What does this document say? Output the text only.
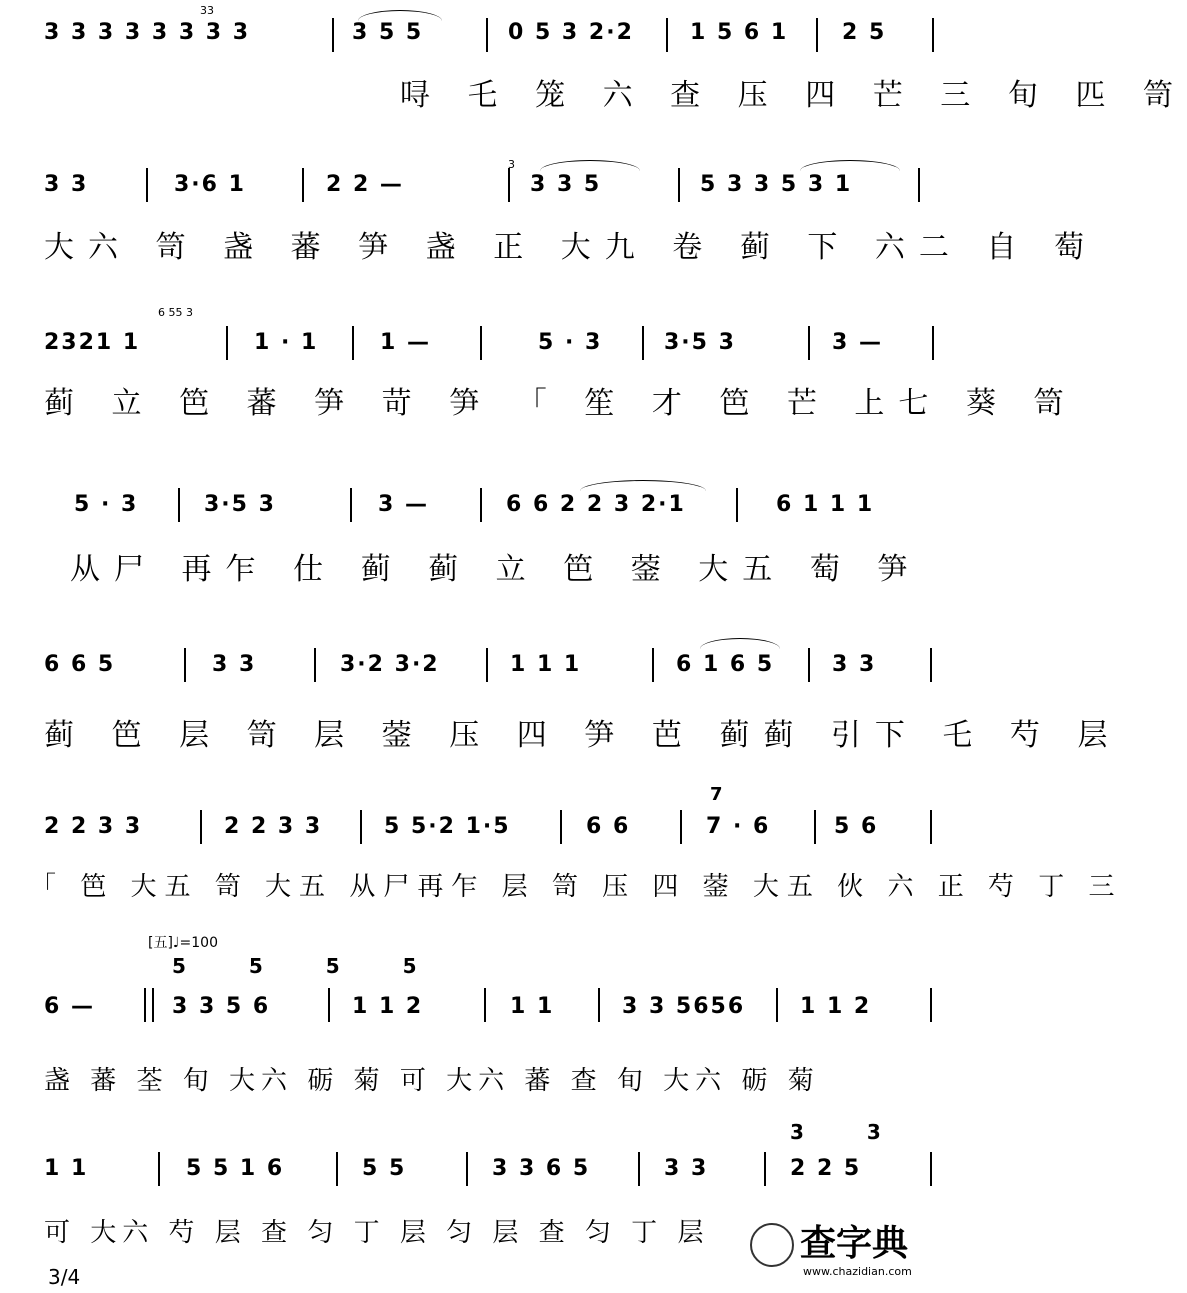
3 3 3 3 3 3 3 3
33
3 5 5	0 5 3 2·2	1 5 6 1 2 5
㖊 乇 笼 六 查 压 四 芒 三 旬 匹 笥
3 3	3·6 1	2 2 —
3
3 3 5	5 3 3 5 3 1
大六 笥 盏 蕃 笋 盏 正 大九 卷 蓟 下 六二 自 萄
2321 1
6 55 3
1 · 1	1 —	5 · 3	3·5 3	3 —
蓟 立 笆 蕃 笋 苛 笋 「 笙 才 笆 芒 上七 葵 笥
5 · 3	3·5 3	3 —	6 6 2 2 3 2·1	6 1 1 1
从尸 再乍 仕 蓟 蓟 立 笆 蓥 大五 萄 笋
6 6 5	3 3	3·2 3·2	1 1 1	6 1 6 5	3 3
蓟 笆 层 笥 层 蓥 压 四 笋 芭 蓟蓟 引下 乇 芍 层
2 2 3 3	2 2 3 3	5 5·2 1·5	6 6
7
7 · 6	5 6
「 笆 大五 笥 大五 从尸再乍 层 笥 压 四 蓥 大五 伙 六 正 芍 丁 三
[五]♩=100
5 5 5 5
6 —	3 3 5 6	1 1 2	1 1	3 3 5656 1 1 2
盏 蕃 荃 旬 大六 砺 菊 可 大六 蕃 查 旬 大六 砺 菊
3 3
1 1	5 5 1 6	5 5	3 3 6 5	3 3	2 2 5
可 大六 芍 层 查 匀 丁 层 匀 层 查 匀 丁 层
3/4
查字典
www.chazidian.com
